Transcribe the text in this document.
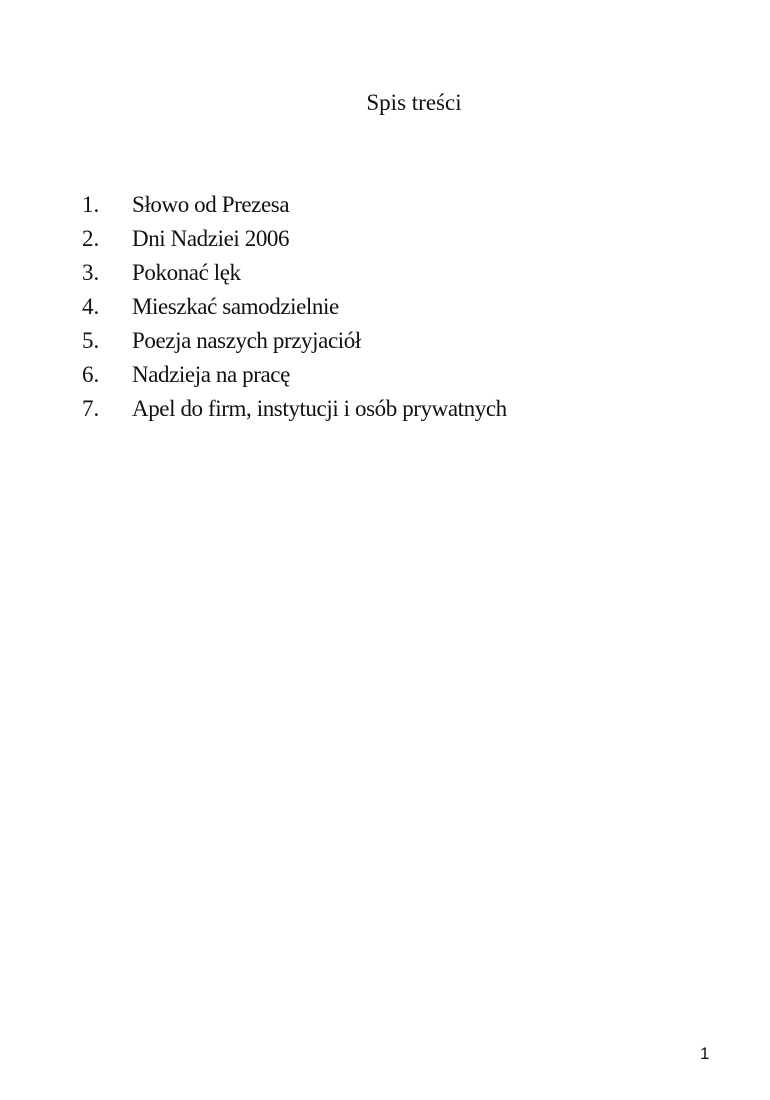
Spis treści
1.	Słowo od Prezesa
2.	Dni Nadziei 2006
3.	Pokonać lęk
4.	Mieszkać samodzielnie
5.	Poezja naszych przyjaciół
6.	Nadzieja na pracę
7.	Apel do firm, instytucji i osób prywatnych
1
